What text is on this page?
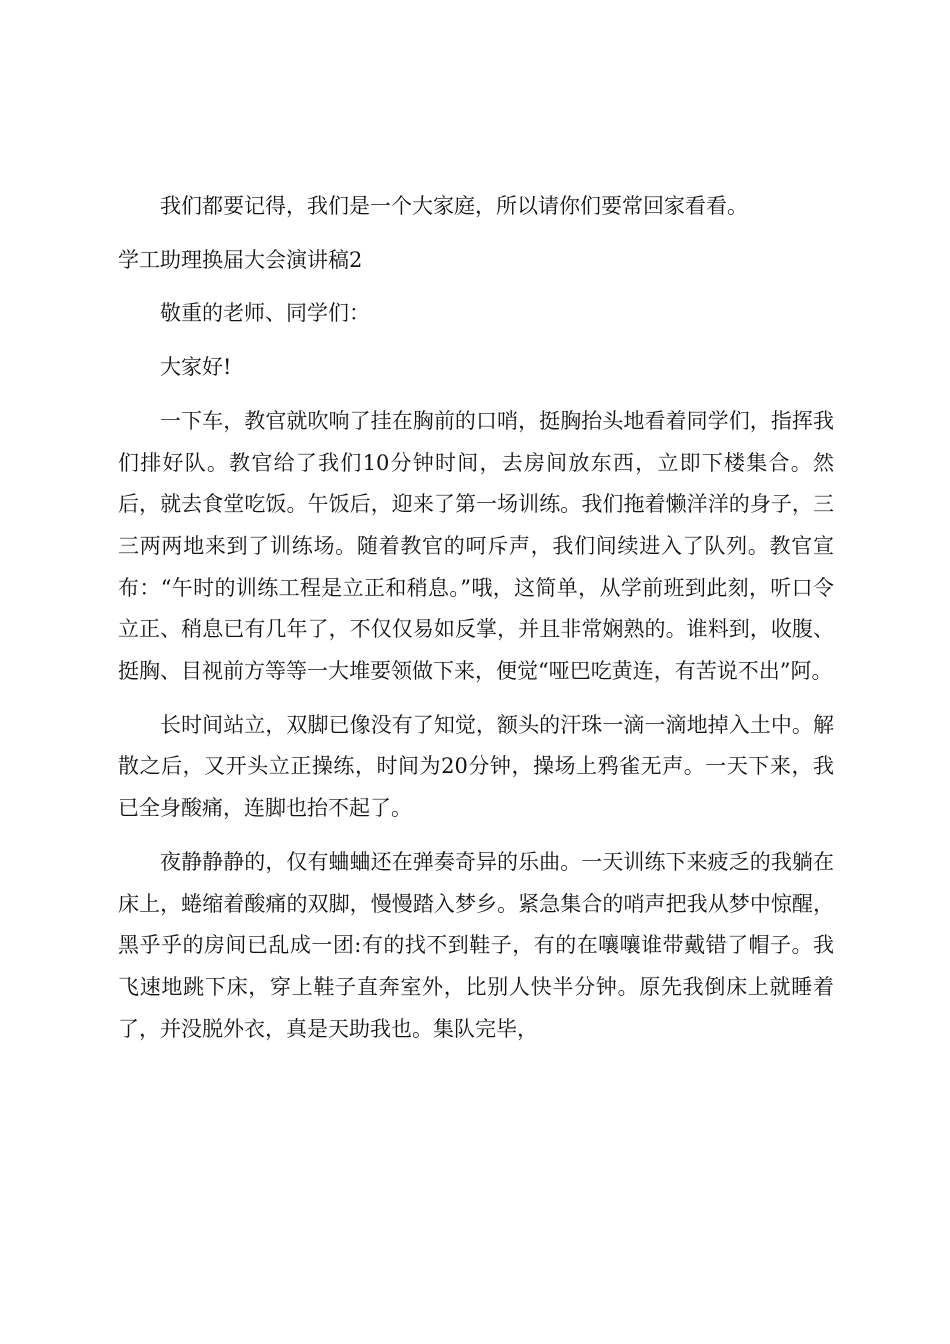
我们都要记得，我们是一个大家庭，所以请你们要常回家看看。

学工助理换届大会演讲稿2

敬重的老师、同学们：

大家好!

一下车，教官就吹响了挂在胸前的口哨，挺胸抬头地看着同学们，指挥我们排好队。教官给了我们10分钟时间，去房间放东西，立即下楼集合。然后，就去食堂吃饭。午饭后，迎来了第一场训练。我们拖着懒洋洋的身子，三三两两地来到了训练场。随着教官的呵斥声，我们间续进入了队列。教官宣布：“午时的训练工程是立正和稍息。”哦，这简单，从学前班到此刻，听口令立正、稍息已有几年了，不仅仅易如反掌，并且非常娴熟的。谁料到，收腹、挺胸、目视前方等等一大堆要领做下来，便觉“哑巴吃黄连，有苦说不出”阿。

长时间站立，双脚已像没有了知觉，额头的汗珠一滴一滴地掉入土中。解散之后，又开头立正操练，时间为20分钟，操场上鸦雀无声。一天下来，我已全身酸痛，连脚也抬不起了。

夜静静静的，仅有蛐蛐还在弹奏奇异的乐曲。一天训练下来疲乏的我躺在床上，蜷缩着酸痛的双脚，慢慢踏入梦乡。紧急集合的哨声把我从梦中惊醒，黑乎乎的房间已乱成一团:有的找不到鞋子，有的在嚷嚷谁带戴错了帽子。我飞速地跳下床，穿上鞋子直奔室外，比别人快半分钟。原先我倒床上就睡着了，并没脱外衣，真是天助我也。集队完毕，
